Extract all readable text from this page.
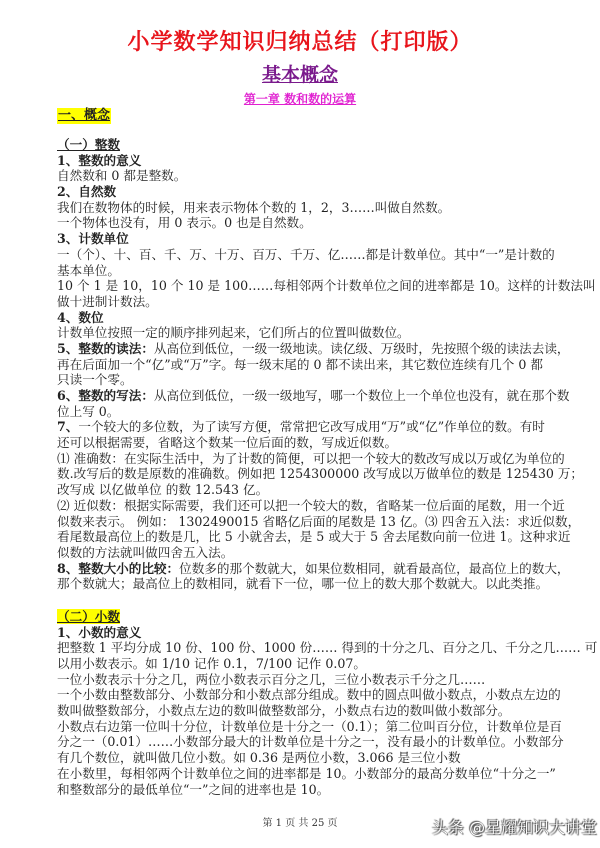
小学数学知识归纳总结（打印版）
基本概念
第一章 数和数的运算
一、概念
（一）整数
1、整数的意义
自然数和 0 都是整数。
2、自然数
我们在数物体的时候，用来表示物体个数的 1，2，3……叫做自然数。
一个物体也没有，用 0 表示。0 也是自然数。
3、计数单位
一（个）、十、百、千、万、十万、百万、千万、亿……都是计数单位。其中“一”是计数的
基本单位。
10 个 1 是 10，10 个 10 是 100……每相邻两个计数单位之间的进率都是 10。这样的计数法叫
做十进制计数法。
4、数位
计数单位按照一定的顺序排列起来，它们所占的位置叫做数位。
5、整数的读法：从高位到低位，一级一级地读。读亿级、万级时，先按照个级的读法去读，
再在后面加一个“亿”或“万”字。每一级末尾的 0 都不读出来，其它数位连续有几个 0 都
只读一个零。
6、整数的写法：从高位到低位，一级一级地写，哪一个数位上一个单位也没有，就在那个数
位上写 0。
7、一个较大的多位数，为了读写方便，常常把它改写成用“万”或“亿”作单位的数。有时
还可以根据需要，省略这个数某一位后面的数，写成近似数。
⑴ 准确数：在实际生活中，为了计数的简便，可以把一个较大的数改写成以万或亿为单位的
数.改写后的数是原数的准确数。例如把 1254300000 改写成以万做单位的数是 125430 万；
改写成 以亿做单位 的数 12.543 亿。
⑵ 近似数：根据实际需要，我们还可以把一个较大的数，省略某一位后面的尾数，用一个近
似数来表示。 例如： 1302490015 省略亿后面的尾数是 13 亿。⑶ 四舍五入法：求近似数，
看尾数最高位上的数是几，比 5 小就舍去，是 5 或大于 5 舍去尾数向前一位进 1。这种求近
似数的方法就叫做四舍五入法。
8、整数大小的比较：位数多的那个数就大，如果位数相同，就看最高位，最高位上的数大，
那个数就大；最高位上的数相同，就看下一位，哪一位上的数大那个数就大。以此类推。
（二）小数
1、小数的意义
把整数 1 平均分成 10 份、100 份、1000 份…… 得到的十分之几、百分之几、千分之几…… 可
以用小数表示。如 1/10 记作 0.1，7/100 记作 0.07。
一位小数表示十分之几，两位小数表示百分之几，三位小数表示千分之几……
一个小数由整数部分、小数部分和小数点部分组成。数中的圆点叫做小数点，小数点左边的
数叫做整数部分，小数点左边的数叫做整数部分，小数点右边的数叫做小数部分。
小数点右边第一位叫十分位，计数单位是十分之一（0.1）；第二位叫百分位，计数单位是百
分之一（0.01）……小数部分最大的计数单位是十分之一，没有最小的计数单位。小数部分
有几个数位，就叫做几位小数。如 0.36 是两位小数，3.066 是三位小数
在小数里，每相邻两个计数单位之间的进率都是 10。小数部分的最高分数单位“十分之一”
和整数部分的最低单位“一”之间的进率也是 10。
第 1 页 共 25 页	头条 @星耀知识大讲堂
